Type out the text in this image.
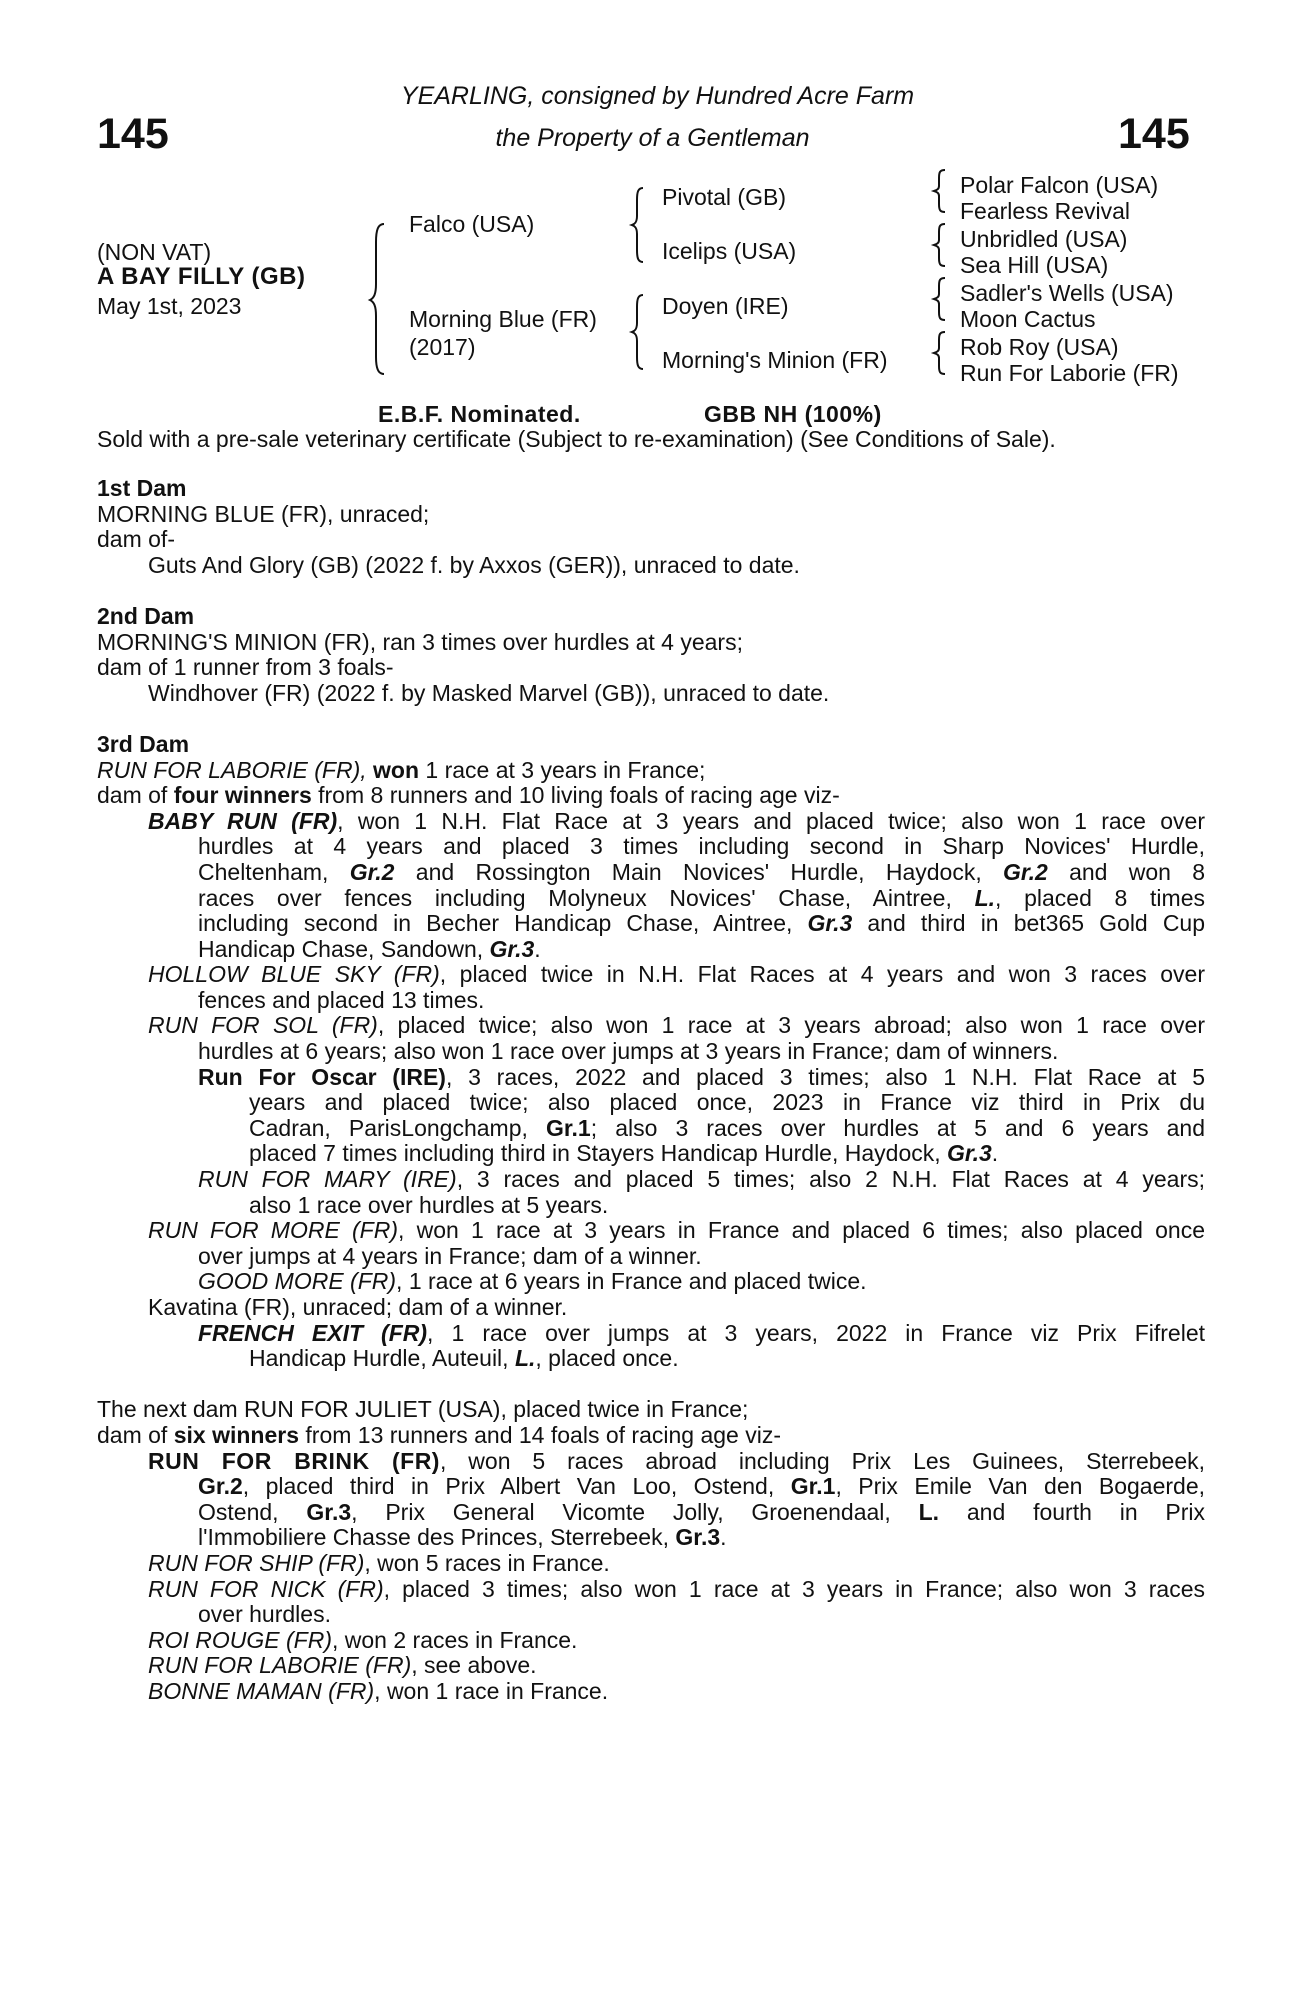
145	145
YEARLING, consigned by Hundred Acre Farm
the Property of a Gentleman
(NON VAT)
A BAY FILLY (GB)
May 1st, 2023
Falco (USA)
Morning Blue (FR)
(2017)
Pivotal (GB)
Icelips (USA)
Doyen (IRE)
Morning's Minion (FR)
Polar Falcon (USA)
Fearless Revival
Unbridled (USA)
Sea Hill (USA)
Sadler's Wells (USA)
Moon Cactus
Rob Roy (USA)
Run For Laborie (FR)
E.B.F. Nominated.	GBB NH (100%)
Sold with a pre-sale veterinary certificate (Subject to re-examination) (See Conditions of Sale).
1st Dam
MORNING BLUE (FR), unraced;
dam of-
Guts And Glory (GB) (2022 f. by Axxos (GER)), unraced to date.
2nd Dam
MORNING'S MINION (FR), ran 3 times over hurdles at 4 years;
dam of 1 runner from 3 foals-
Windhover (FR) (2022 f. by Masked Marvel (GB)), unraced to date.
3rd Dam
RUN FOR LABORIE (FR), won 1 race at 3 years in France;
dam of four winners from 8 runners and 10 living foals of racing age viz-
BABY RUN (FR), won 1 N.H. Flat Race at 3 years and placed twice; also won 1 race over
hurdles at 4 years and placed 3 times including second in Sharp Novices' Hurdle,
Cheltenham, Gr.2 and Rossington Main Novices' Hurdle, Haydock, Gr.2 and won 8
races over fences including Molyneux Novices' Chase, Aintree, L., placed 8 times
including second in Becher Handicap Chase, Aintree, Gr.3 and third in bet365 Gold Cup
Handicap Chase, Sandown, Gr.3.
HOLLOW BLUE SKY (FR), placed twice in N.H. Flat Races at 4 years and won 3 races over
fences and placed 13 times.
RUN FOR SOL (FR), placed twice; also won 1 race at 3 years abroad; also won 1 race over
hurdles at 6 years; also won 1 race over jumps at 3 years in France; dam of winners.
Run For Oscar (IRE), 3 races, 2022 and placed 3 times; also 1 N.H. Flat Race at 5
years and placed twice; also placed once, 2023 in France viz third in Prix du
Cadran, ParisLongchamp, Gr.1; also 3 races over hurdles at 5 and 6 years and
placed 7 times including third in Stayers Handicap Hurdle, Haydock, Gr.3.
RUN FOR MARY (IRE), 3 races and placed 5 times; also 2 N.H. Flat Races at 4 years;
also 1 race over hurdles at 5 years.
RUN FOR MORE (FR), won 1 race at 3 years in France and placed 6 times; also placed once
over jumps at 4 years in France; dam of a winner.
GOOD MORE (FR), 1 race at 6 years in France and placed twice.
Kavatina (FR), unraced; dam of a winner.
FRENCH EXIT (FR), 1 race over jumps at 3 years, 2022 in France viz Prix Fifrelet
Handicap Hurdle, Auteuil, L., placed once.
The next dam RUN FOR JULIET (USA), placed twice in France;
dam of six winners from 13 runners and 14 foals of racing age viz-
RUN FOR BRINK (FR), won 5 races abroad including Prix Les Guinees, Sterrebeek,
Gr.2, placed third in Prix Albert Van Loo, Ostend, Gr.1, Prix Emile Van den Bogaerde,
Ostend, Gr.3, Prix General Vicomte Jolly, Groenendaal, L. and fourth in Prix
l'Immobiliere Chasse des Princes, Sterrebeek, Gr.3.
RUN FOR SHIP (FR), won 5 races in France.
RUN FOR NICK (FR), placed 3 times; also won 1 race at 3 years in France; also won 3 races
over hurdles.
ROI ROUGE (FR), won 2 races in France.
RUN FOR LABORIE (FR), see above.
BONNE MAMAN (FR), won 1 race in France.
